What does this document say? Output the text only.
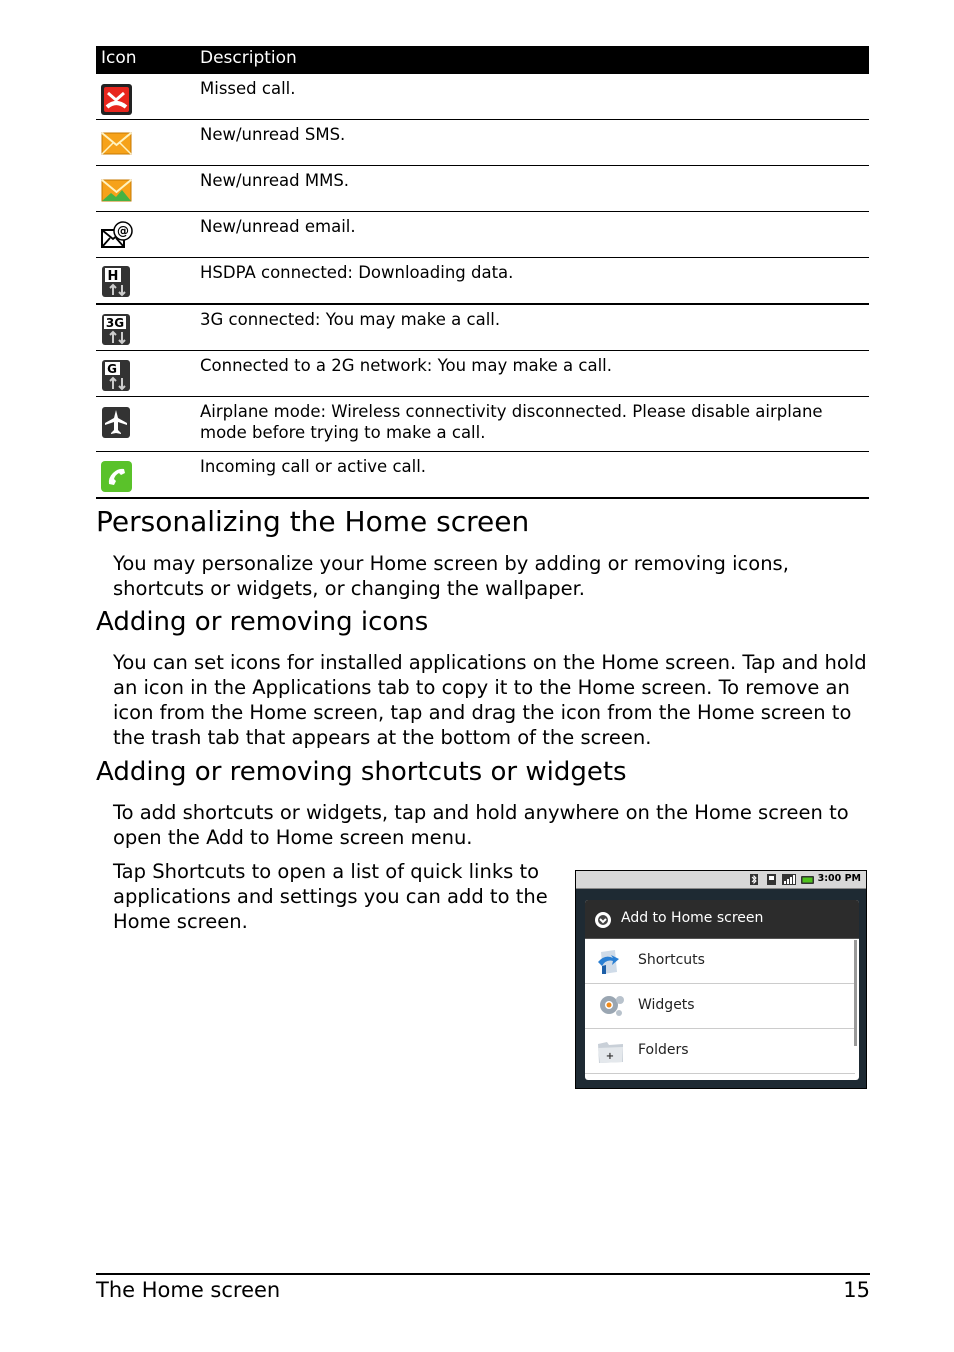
Icon	Description
Missed call.
New/unread SMS.
New/unread MMS.
@	New/unread email.
H	HSDPA connected: Downloading data.
3G	3G connected: You may make a call.
G	Connected to a 2G network: You may make a call.
Airplane mode: Wireless connectivity disconnected. Please disable airplane mode before trying to make a call.
Incoming call or active call.
Personalizing the Home screen

You may personalize your Home screen by adding or removing icons, shortcuts or widgets, or changing the wallpaper.

Adding or removing icons

You can set icons for installed applications on the Home screen. Tap and hold an icon in the Applications tab to copy it to the Home screen. To remove an icon from the Home screen, tap and drag the icon from the Home screen to the trash tab that appears at the bottom of the screen.

Adding or removing shortcuts or widgets

To add shortcuts or widgets, tap and hold anywhere on the Home screen to open the Add to Home screen menu.

Tap Shortcuts to open a list of quick links to applications and settings you can add to the Home screen.

3:00 PM
Add to Home screen
Shortcuts
Widgets
+ Folders
The Home screen	15
